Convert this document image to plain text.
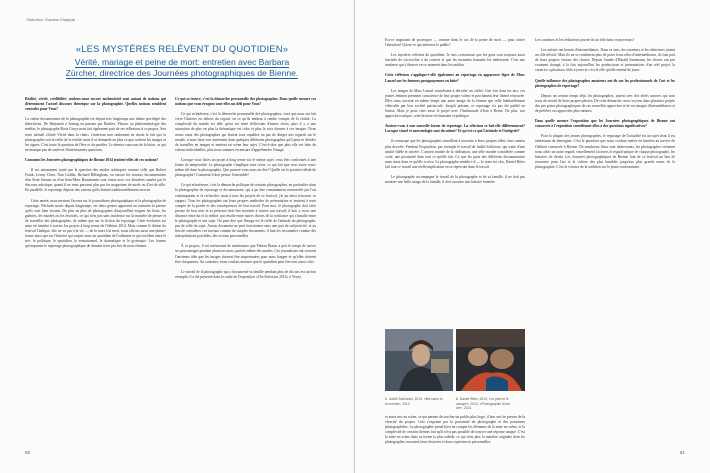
Traduction: Claudine Chappuis
«LES MYSTÈRES RELÈVENT DU QUOTIDIEN»
Vérité, mariage et peine de mort: entretien avec Barbara Zürcher, directrice des Journées photographiques de Bienne.

Réalité, vérité, crédibilité: roulons-nous encore authenticité sont autant de notions qui déterminent l'actuel discours théorique sur la photographie. Quelles notions semblent centrales pour Vous?

La valeur documentaire de la photographie est depuis très longtemps une thème privilégié des théoriciens. De Benjamin à Sontag en passant par Barthes, Flusser ou phénoménologie des médias, le photographe Boris Groys nous fait également part de ses réflexions à ce propos. Son texte intitulé «Unité Vérité dans la chair» s'intéresse non seulement en droite le fait que la photographie soit le reflet de la réalité, mais il se demande en plus ce que cachent les images et les signes. C'est toute la question de l'être et du paraître. Le dernier concours de la bièce, ce qui ne manque pas de soulever d'intéressantes questions.

Comment les Journées photographiques de Bienne 2014 traitent-elles de ces notions?

Il est notamment traité par la question des modes artistiques comme celle que Robert Frank, Lenny Claes, Nan Goldin, Richard Billingham, ou encore les travaux documentaires d'un Kent Strauss ou d'un Jean-Marc Bustamante sont venus avec ces dernières années par le discours artistique, quand il ne nous parvient plus par les magazines de mode ou d'art de ville. En parallèle, le reportage dispose des canons qu'ils étaient traditionnellement inscrits.

Cette année, nous mettons l'accent sur le journalisme photographique et la photographie de reportage. Déclarés morts depuis longtemps, ces deux genres apportent au contraire la preuve qu'ils sont bien vivants. De plus en plus de photographes d'aujourd'hui exigent les lieux, les galeries, les musées ou les festivals, ce qui n'est pas sans incidence sur la manière de penser et de travailler des photographes, de même que sur la fiction du reportage. Cette évolution est mise en lumière à travers les projets à long terme de l'édition 2014. Mais comme le thème du festival l'indique, elle ne va pas à la vie — de la mort à la mort, nous offrons aussi une plume-forme ainsi que sur l'histoire qui surpris nous un quotidien de l'ordinaire et qui oscillent entre le rire, la politique, le quotidien, le sensationnel, le dramatique et le grotesque. Les formes qu'emprunte le reportage photographique de demain n'ont pas fini de nous étonner.

Ce qui se trouve, c'est la démarche personnelle des photographes. Dans quelle mesure ces notions que vous évoquez sont-elles un défi pour Vous?

Ce qui m'intéresse, c'est la démarche personnelle des photographes, ceux qui nous ont fait vivre l'histoire en dehors du regard, en ce qu'ils tendent à rendre compte de la réalité. La complexité du monde est telle qu'on est tenté d'effectuer d'autres choix, plus il y a une saturation de plus en plus la thématique est riche et plus la voix donnée à ces images. Nous avons aussi des photographes qui étaient tous capables ou pas de diriger nos regards sur le monde, à nous faire voir autrement dans quelques différents photographes qu'il peut se décider de travailler en images et mettent en scène leur sujet. C'est-à-dire que plus elle est faite de visions individuelles, plus nous sommes en mesure d'appréhender l'image.

Lorsque vous faites un projet à long terme sur le même sujet, vous êtes confrontés à une forme de temporalité. Le photographe s'implique sans cesse, ce qui fait que vous aviez vous-même été dans la photographie. Que pouvez-vous nous en dire? Quelle est la position idéale du photographe? Comment il doit penser l'ensemble?

Ce qui m'intéresse, c'est la démarche politique de certains photographes, en particulier dans la photographie de reportage et documentaire, qui a pu être constamment renouvelée par l'art contemporain et la recherche; mais à tous les projets de ce festival, j'ai pu ainsi retrouver ce rapport. Tous les photographes ont leurs propres méthodes de présentation et invitent à tenir compte de la portée et des conséquences de leur travail. Pour moi, le photographe doit faire preuve de bon sens et sa présence doit être montrée à travers son travail; il doit y avoir une distance entre lui et la réalité, qui résulte entre autres choses de la confiance qui s'installe entre le photographe et son sujet. On peut dire que l'image est le reflet de l'attitude du photographe, pas de celle du sujet. Aucun document ne peut fonctionner sans une part de subjectivité, et au lieu de considérer ces travaux comme de simples documents, il faut les reconnaître comme des interprétations possibles, des visions personnelles.

À ce propos, il est intéressant de mentionner que Fabian Biasio a pris le temps de suivre ses personnages pendant plusieurs mois, parfois même des années. Ces journalistes ont souvent l'ancienne idée que les images doivent être surprenantes pour nous frapper et qu'elles doivent être choquantes. Au contraire, nous voulons montrer que le quotidien peut être tout aussi riche.

Le travail de la photographe qui a documenté sa famille pendant plus de dix ans est un bon exemple; il a été présenté dans le cadre de l'exposition «The Selection 2014» à Vevey.

60

Est-ce important de provoquer — comme dans le cas de la peine de mort — pour attirer l'attention? Qu'est-ce qui intéresse le public?

Les mystères relèvent du quotidien. Je suis convaincue que les gens sont toujours aussi fascinés de s'accrocher à du concret et que les moments humains les intéressent. C'est une tendance qui s'observe en ce moment dans les médias.

Cette réflexion s'applique-t-elle également au reportage en apparence léger de Marc Lanzel sur les femmes paraguayennes en fuite?

Les images de Marc Lanzel contribuent à dévoiler un cliché. Une fois dans les airs, ces jeunes femmes prennent conscience de leur propre valeur et proclament leur liberté retrouvée. Elles nous ouvrent en même temps une autre image de la femme que celle habituellement véhiculée par leur société patriarcale. Jusqu'à présent, ce reportage n'a pas été publié en Suisse. Mais je peux citer aussi le projet avec l'Ambassade d'Iran à Berne. De plus, son approche ironique, cette histoire est humaine et politique.

Avoisez-vous à une nouvelle forme de reportage. La sélection se fait-elle différemment? Lorsque visuel et narratologie sont du même? Et qu'est-ce qui l'attitude et l'intégrité?

Je remarque que les photographes travaillent à nouveau à leurs propres idées, leur caméra plus discrète. Pendant l'exposition, par exemple le travail de Judith Schlosser, qui traite d'une amitié fidèle et sincère. L'ancien monde de la réalisation, une telle monde considérée comme vraie, une proximité dans tout ce qu'elle fait. Ce que les parts des différents documentaires mais aussi dans ce qu'elle a vécu. Le photographe semble-t-il — le texte est clos, Daniel Ritter fait tout ce travail une réelle implication en se répercute dans le travail.

Le photographe accompagne le travail de la photographe et de sa famille, il ne doit pas montrer une belle image de la famille, il doit raconter une histoire honnête.

Les curateurs et les rédacteurs jouent-ils un rôle dans ce processus?

Les artistes ont besoin d'intermédiaires. Dans ce sens, les curateurs et les rédacteurs jouent un rôle décisif. Mais ils ne se contentent plus de poser leurs rôles d'intermédiaires, ils font part de leurs propres visions des choses. Depuis l'année d'Harald Szeemann, les choses ont pas vraiment changé, à la fois aujourd'hui les productions et présentations d'un réel projet, la curatrice a plusieurs rôles à jouer et c'est le rôle qu'elle entend de jouer.

Quelle influence des photographes amateurs ont-ils sur les professionnels de l'art et les photographes de reportage?

Depuis un certain temps déjà, les photographes, jouent avec des effets sonores qui sont issus du travail de leurs propres photos. De cette démarche, nous voyons dans plusieurs projets des pas prises photographiques de ces nouvelles approches et de ses images d'intermédiaires et de préférer ces approches plus intimes.

Dans quelle mesure l'exposition que les Journées photographiques de Bienne ont consacrée à l'exposition contribuent-elles à des questions significatives?

Pour la plupart des jeunes photographes, le reportage de l'actualité est un sujet dont il est intéressant de témoigner. C'est le paradoxe que nous voulons mettre en lumière au travers de l'édition consacrée à Bienne. De nombreux lieux sont intéressants, les photographes viennent nous offrir un autre regard, visuellement à travers le regard unique de chaque photographe, les histoires de destin. Les Journées photographiques de Bienne font de ce festival un lieu de rencontre pour l'art et la culture des plus humbles jusqu'aux plus grands noms de la photographie. C'est la victoire de la tradition sur le jeune conformisme.

1 Judith Schlosser, 2013, «Ma sœur et le monde», 2013
2 Daniel Ritter, 2013, «Le pied et le canapé», 2013, «Photographie d'une vie», 2013

et assez mis en scène, ce qui permet de toucher un public plus large, il leur sert de preuve de la véracité du propos. Cela s'exprime par la proximité du photographe et des personnes photographiées. La photographie prend bien en compte les éléments de la mise en scène, et la complexité de certains thèmes fait qu'il n'est pas possible de trouver une réponse unique. C'est la mise en scène dans sa forme la plus subtile, ce qui n'est plus la manière originale dont les photographes racontent leurs histoires et leurs expériences personnelles.

61
